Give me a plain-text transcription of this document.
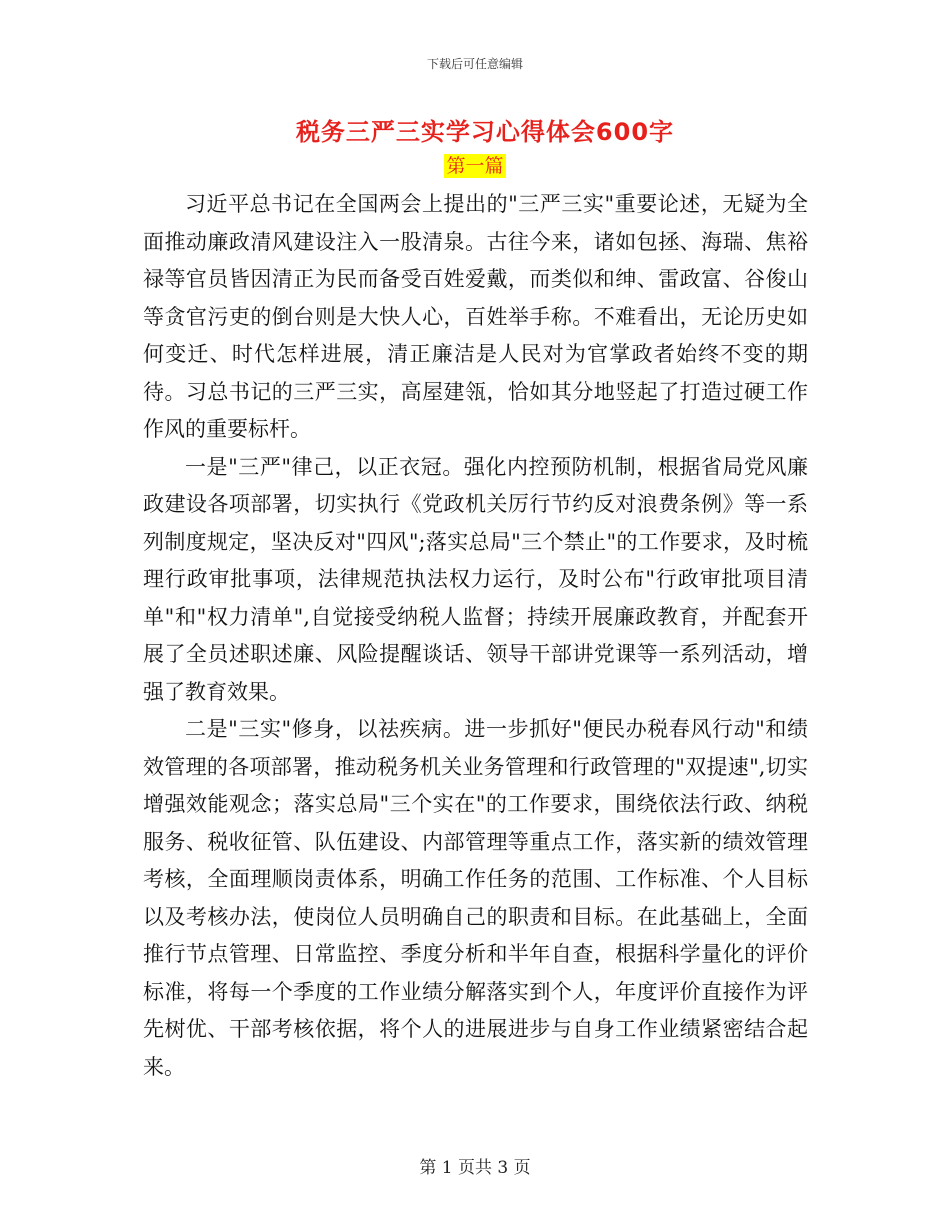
下载后可任意编辑
税务三严三实学习心得体会600字
第一篇

习近平总书记在全国两会上提出的"三严三实"重要论述，无疑为全面推动廉政清风建设注入一股清泉。古往今来，诸如包拯、海瑞、焦裕禄等官员皆因清正为民而备受百姓爱戴，而类似和绅、雷政富、谷俊山等贪官污吏的倒台则是大快人心，百姓举手称。不难看出，无论历史如何变迁、时代怎样进展，清正廉洁是人民对为官掌政者始终不变的期待。习总书记的三严三实，高屋建瓴，恰如其分地竖起了打造过硬工作作风的重要标杆。

一是"三严"律己，以正衣冠。强化内控预防机制，根据省局党风廉政建设各项部署，切实执行《党政机关厉行节约反对浪费条例》等一系列制度规定，坚决反对"四风";落实总局"三个禁止"的工作要求，及时梳理行政审批事项，法律规范执法权力运行，及时公布"行政审批项目清单"和"权力清单",自觉接受纳税人监督；持续开展廉政教育，并配套开展了全员述职述廉、风险提醒谈话、领导干部讲党课等一系列活动，增强了教育效果。

二是"三实"修身，以祛疾病。进一步抓好"便民办税春风行动"和绩效管理的各项部署，推动税务机关业务管理和行政管理的"双提速",切实增强效能观念；落实总局"三个实在"的工作要求，围绕依法行政、纳税服务、税收征管、队伍建设、内部管理等重点工作，落实新的绩效管理考核，全面理顺岗责体系，明确工作任务的范围、工作标准、个人目标以及考核办法，使岗位人员明确自己的职责和目标。在此基础上，全面推行节点管理、日常监控、季度分析和半年自查，根据科学量化的评价标准，将每一个季度的工作业绩分解落实到个人，年度评价直接作为评先树优、干部考核依据，将个人的进展进步与自身工作业绩紧密结合起来。

第 1 页共 3 页
